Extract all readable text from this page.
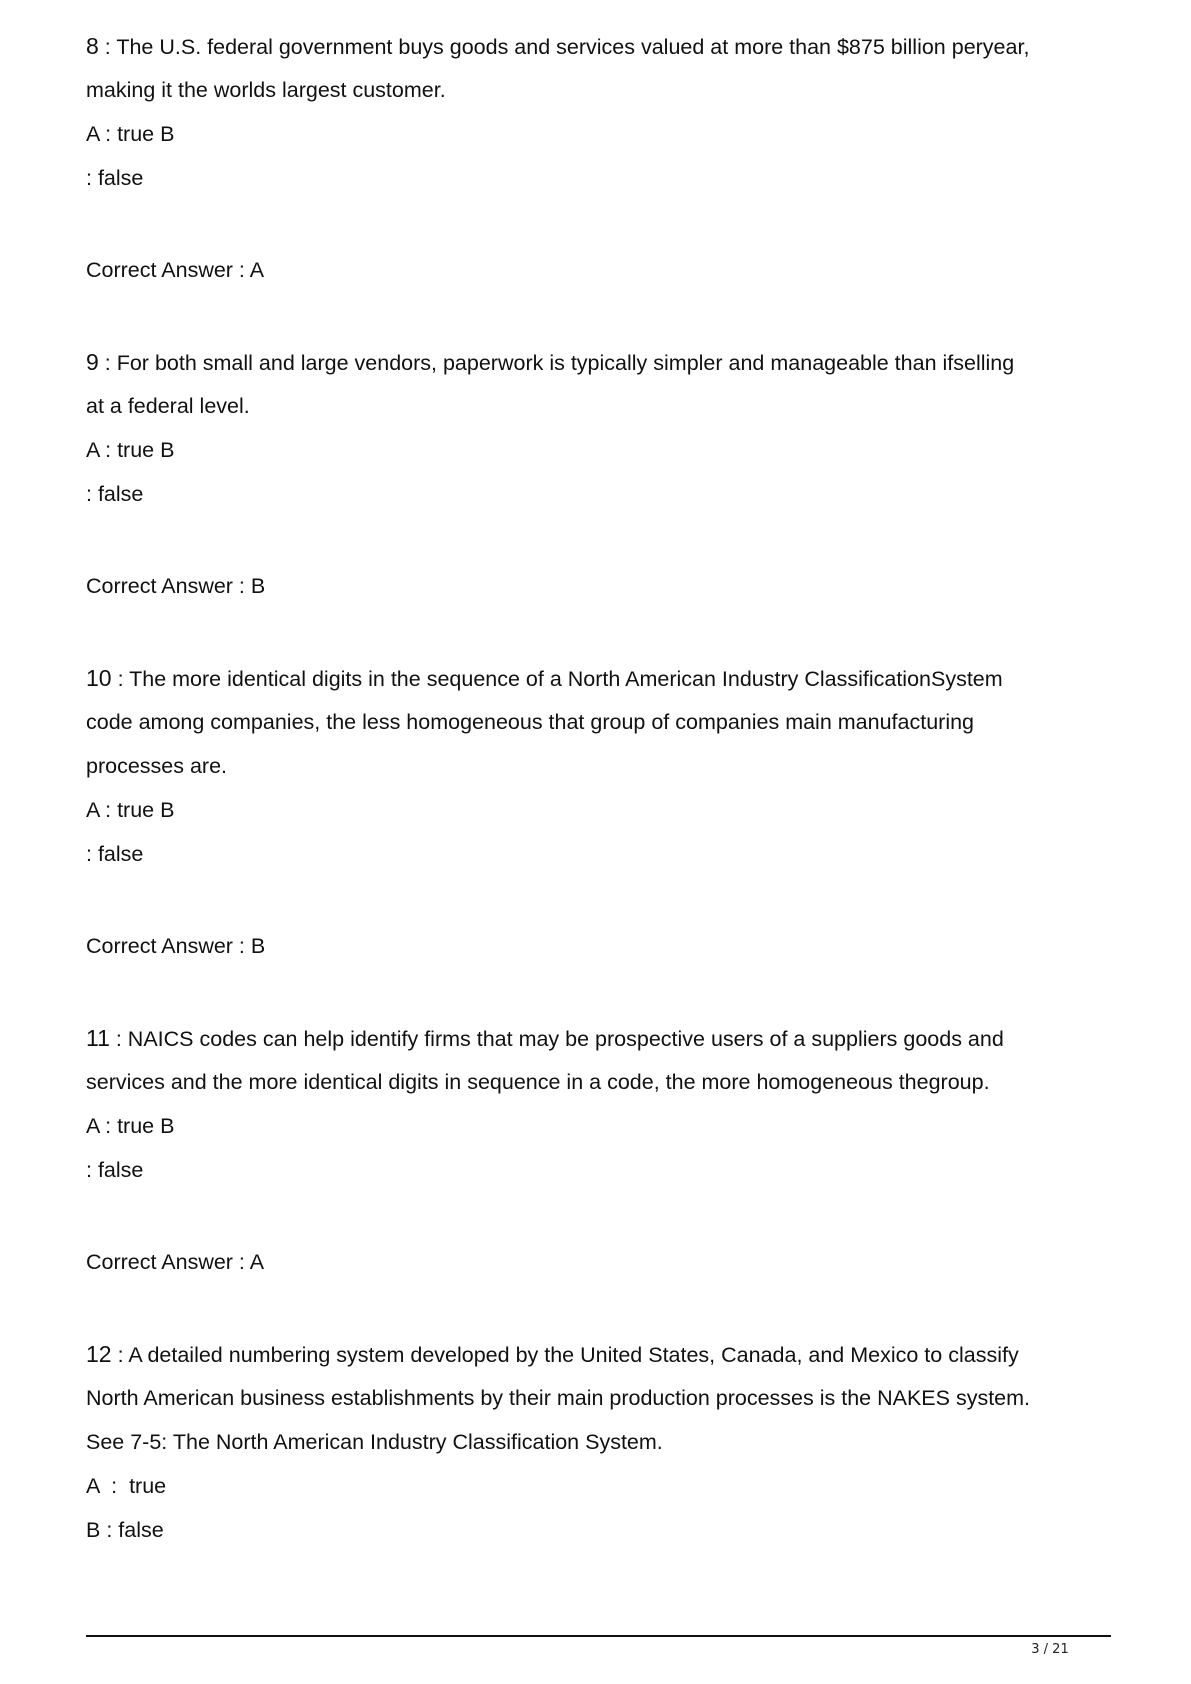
8 : The U.S. federal government buys goods and services valued at more than $875 billion peryear,
making it the worlds largest customer.
A : true B
: false
Correct Answer : A
9 : For both small and large vendors, paperwork is typically simpler and manageable than ifselling
at a federal level.
A : true B
: false
Correct Answer : B
10 : The more identical digits in the sequence of a North American Industry ClassificationSystem
code among companies, the less homogeneous that group of companies main manufacturing
processes are.
A : true B
: false
Correct Answer : B
11 : NAICS codes can help identify firms that may be prospective users of a suppliers goods and
services and the more identical digits in sequence in a code, the more homogeneous thegroup.
A : true B
: false
Correct Answer : A
12 : A detailed numbering system developed by the United States, Canada, and Mexico to classify
North American business establishments by their main production processes is the NAKES system.
See 7-5: The North American Industry Classification System.
A : true
B : false
3 / 21
